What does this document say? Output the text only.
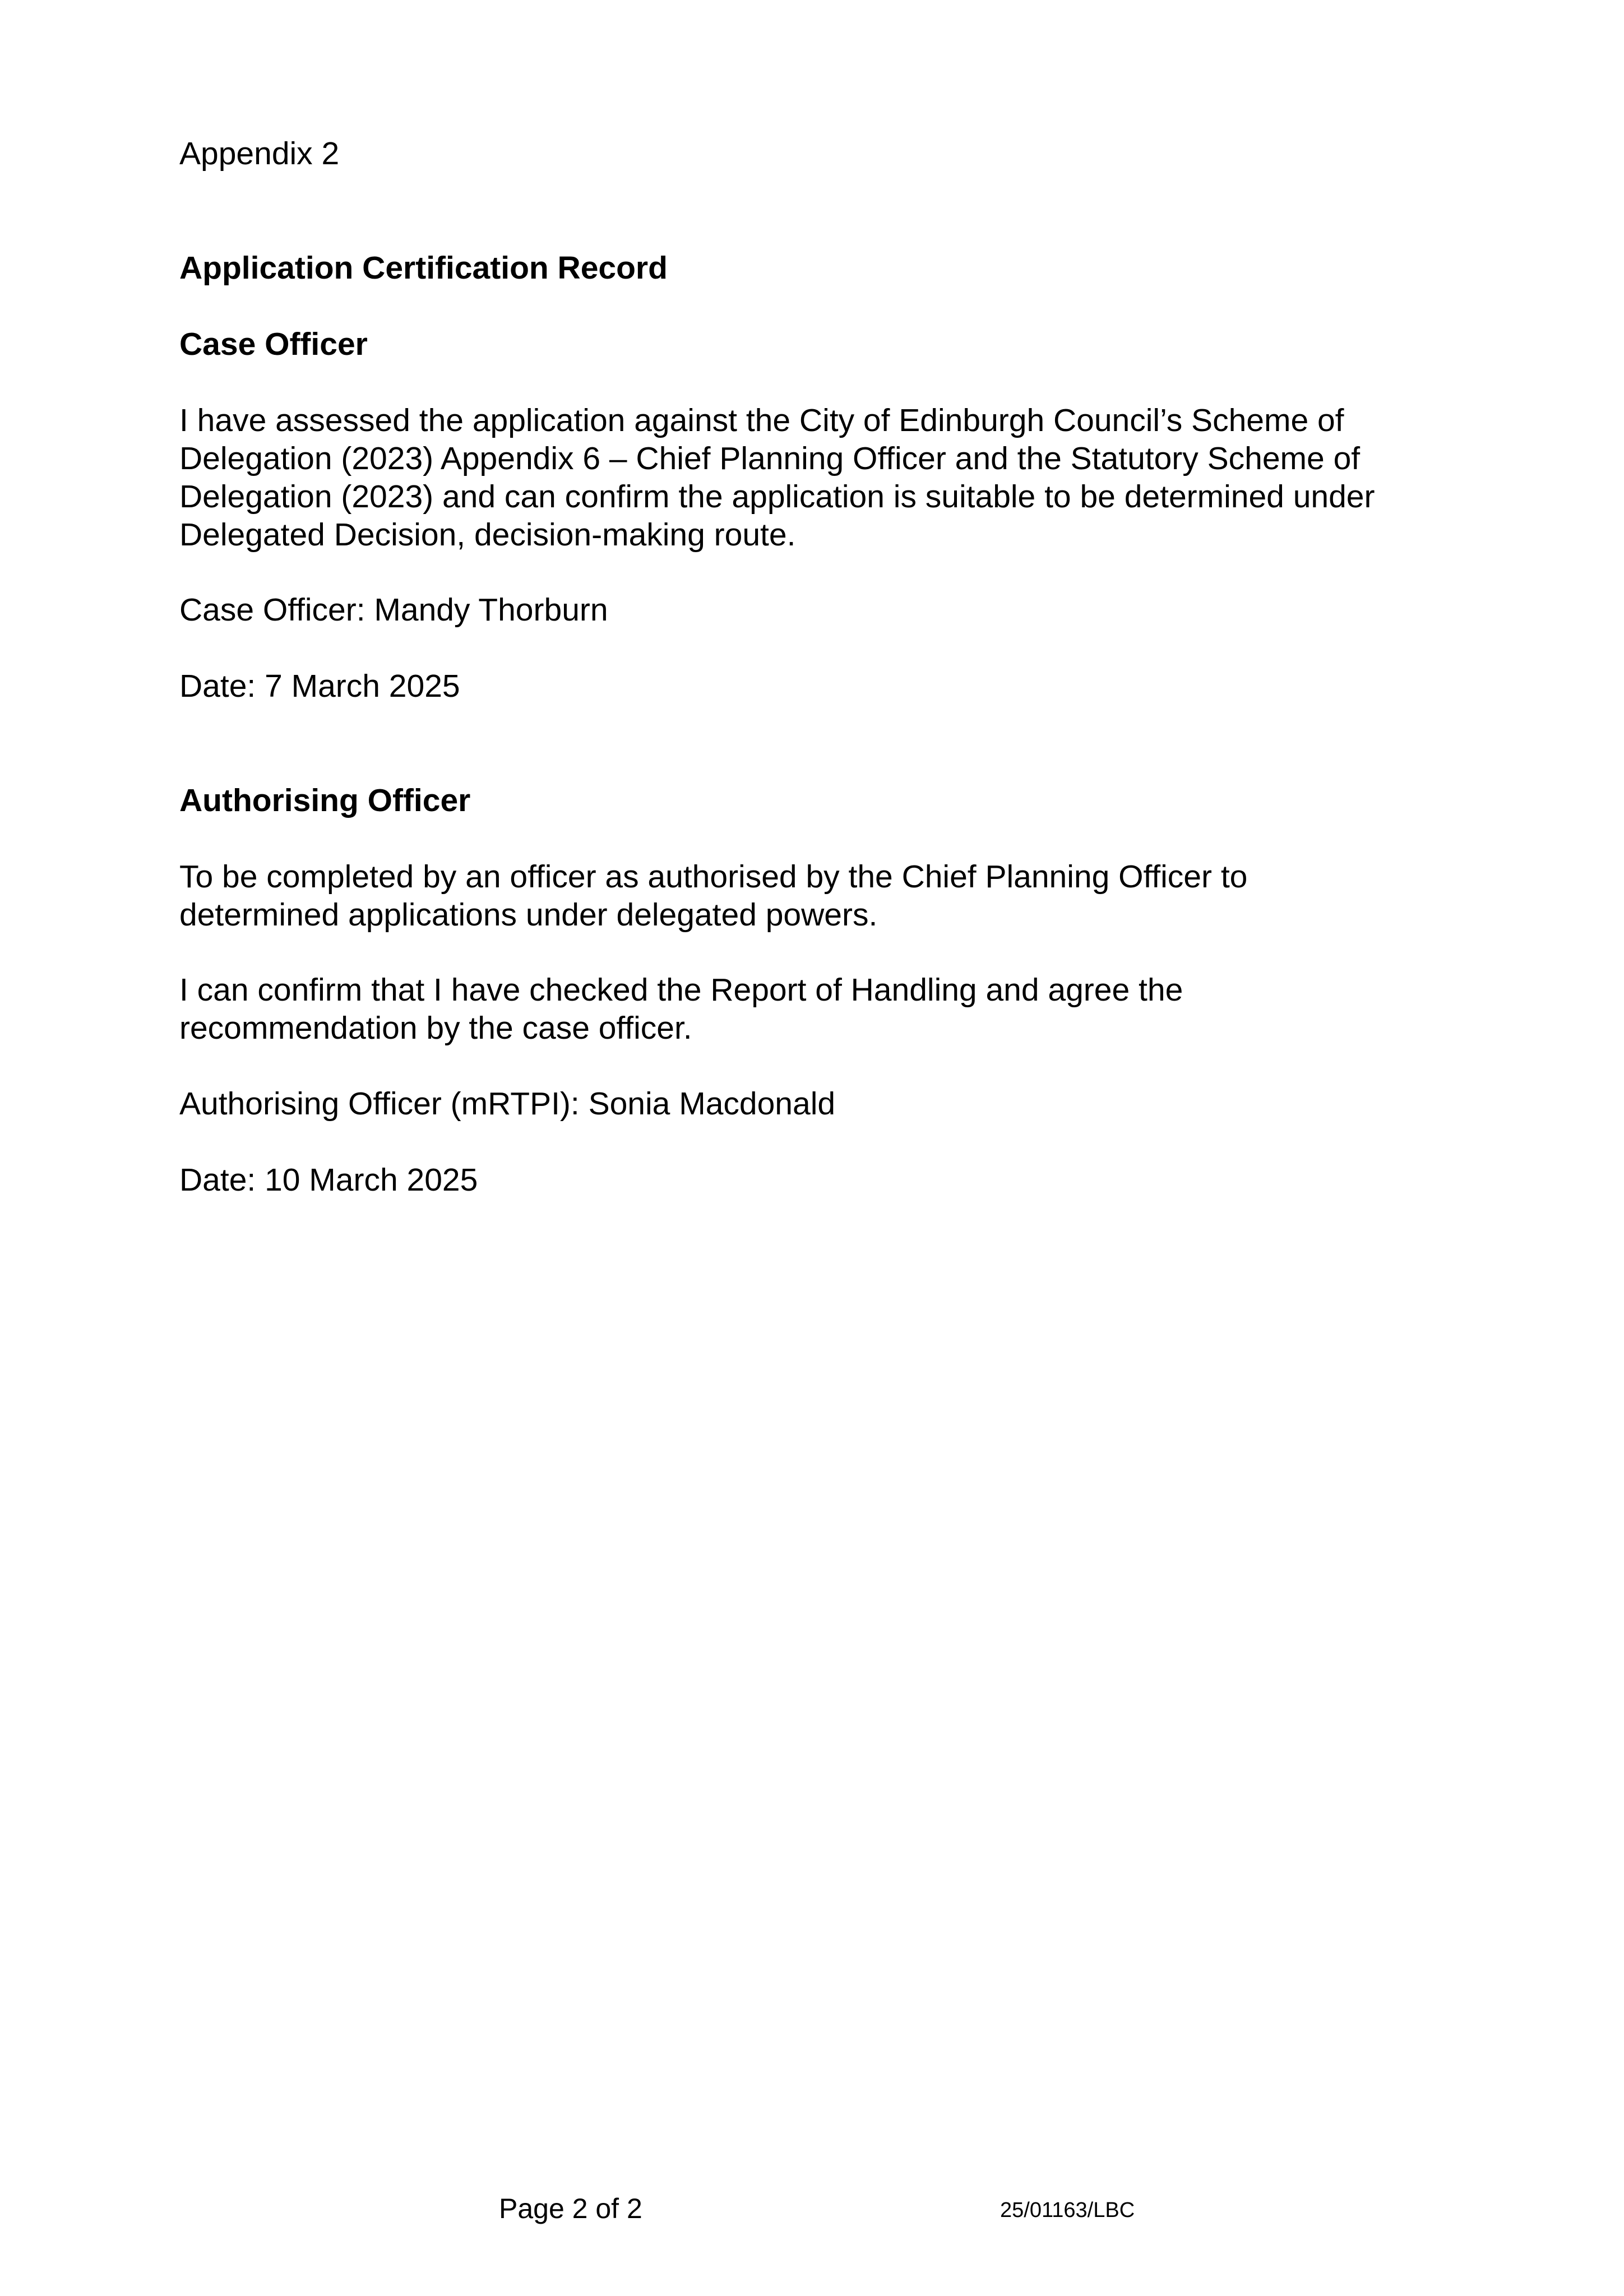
Appendix 2

Application Certification Record

Case Officer

I have assessed the application against the City of Edinburgh Council’s Scheme of
Delegation (2023) Appendix 6 – Chief Planning Officer and the Statutory Scheme of
Delegation (2023) and can confirm the application is suitable to be determined under
Delegated Decision, decision-making route.

Case Officer: Mandy Thorburn

Date: 7 March 2025

Authorising Officer

To be completed by an officer as authorised by the Chief Planning Officer to
determined applications under delegated powers.
I can confirm that I have checked the Report of Handling and agree the
recommendation by the case officer.

Authorising Officer (mRTPI): Sonia Macdonald

Date: 10 March 2025

Page 2 of 2	25/01163/LBC
